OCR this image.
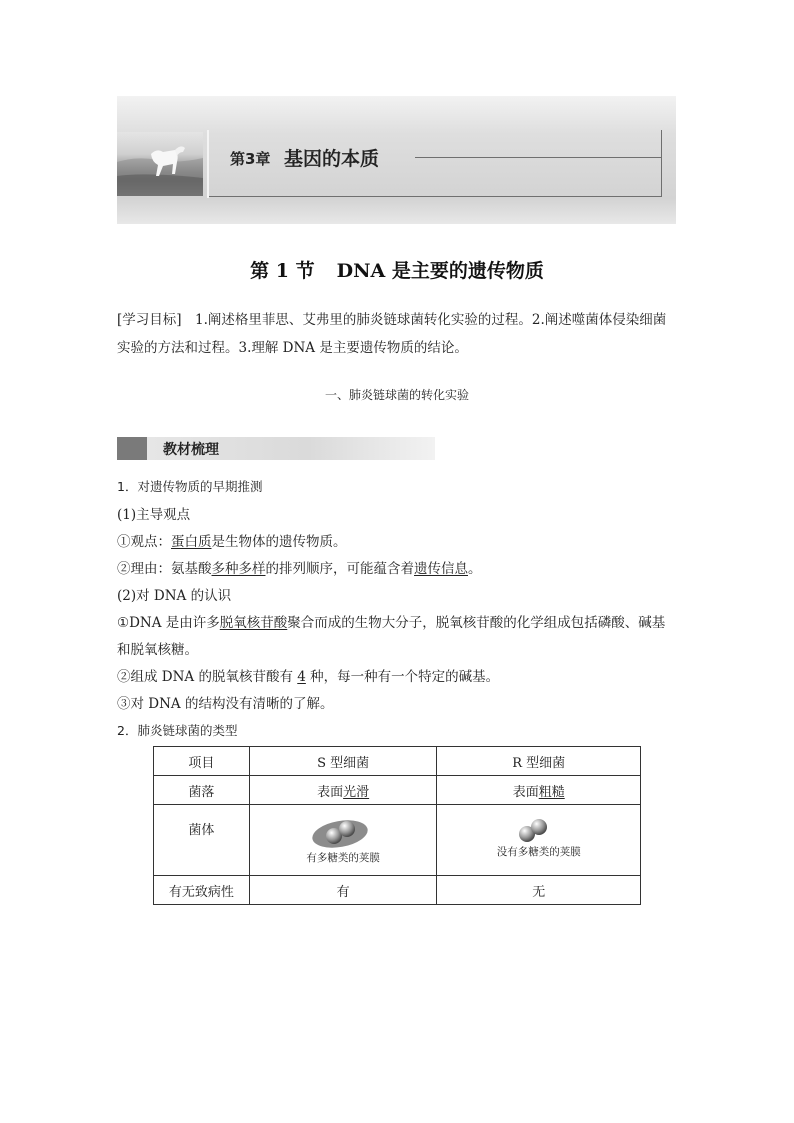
第3章 基因的本质
第 1 节 DNA 是主要的遗传物质
[学习目标]　1.阐述格里菲思、艾弗里的肺炎链球菌转化实验的过程。2.阐述噬菌体侵染细菌
实验的方法和过程。3.理解 DNA 是主要遗传物质的结论。
一、肺炎链球菌的转化实验
教材梳理
1．对遗传物质的早期推测
(1)主导观点
①观点：蛋白质是生物体的遗传物质。
②理由：氨基酸多种多样的排列顺序，可能蕴含着遗传信息。
(2)对 DNA 的认识
①DNA 是由许多脱氧核苷酸聚合而成的生物大分子，脱氧核苷酸的化学组成包括磷酸、碱基
和脱氧核糖。
②组成 DNA 的脱氧核苷酸有 4 种，每一种有一个特定的碱基。
③对 DNA 的结构没有清晰的了解。
2．肺炎链球菌的类型
项目	S 型细菌	R 型细菌
菌落	表面光滑	表面粗糙
菌体	有多糖类的荚膜	没有多糖类的荚膜

有无致病性	有	无
